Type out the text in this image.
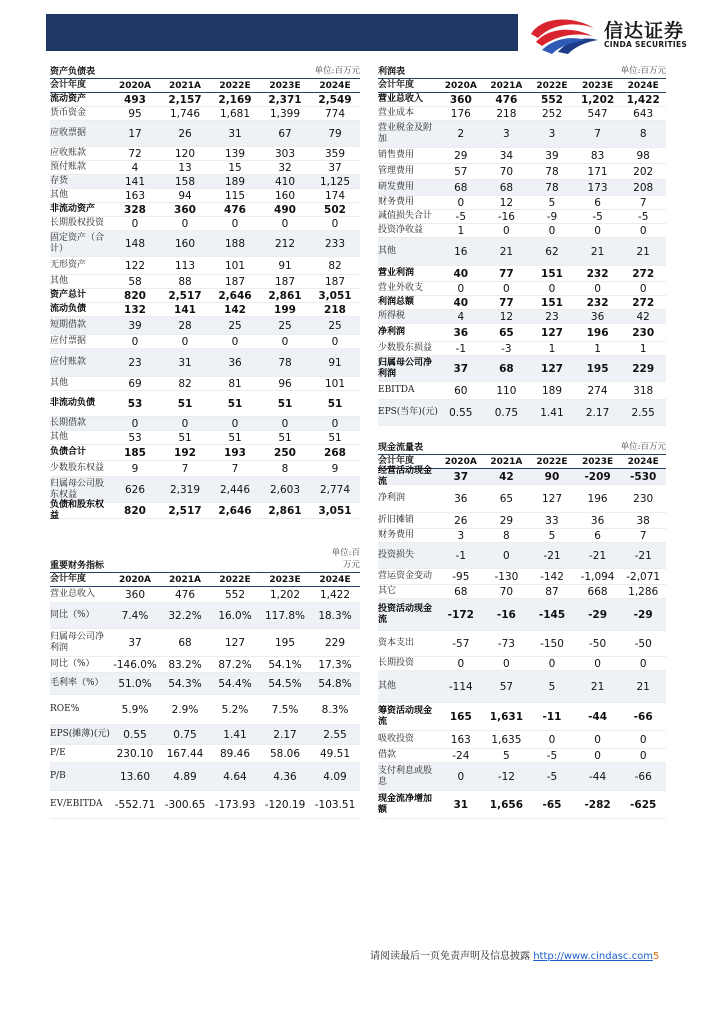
信达证券
CINDA SECURITIES
资产负债表	单位:百万元
会计年度	2020A	2021A	2022E	2023E	2024E
流动资产	493	2,157	2,169	2,371	2,549
货币资金	95	1,746	1,681	1,399	774
应收票据	17	26	31	67	79
应收账款	72	120	139	303	359
预付账款	4	13	15	32	37
存货	141	158	189	410	1,125
其他	163	94	115	160	174
非流动资产	328	360	476	490	502
长期股权投资	0	0	0	0	0
固定资产（合计）	148	160	188	212	233
无形资产	122	113	101	91	82
其他	58	88	187	187	187
资产总计	820	2,517	2,646	2,861	3,051
流动负债	132	141	142	199	218
短期借款	39	28	25	25	25
应付票据	0	0	0	0	0
应付账款	23	31	36	78	91
其他	69	82	81	96	101
非流动负债	53	51	51	51	51
长期借款	0	0	0	0	0
其他	53	51	51	51	51
负债合计	185	192	193	250	268
少数股东权益	9	7	7	8	9
归属母公司股东权益	626	2,319	2,446	2,603	2,774
负债和股东权益	820	2,517	2,646	2,861	3,051
重要财务指标
单位:百万元
会计年度	2020A	2021A	2022E	2023E	2024E
营业总收入	360	476	552	1,202	1,422
同比（%）	7.4%	32.2%	16.0%	117.8%	18.3%
归属母公司净利润	37	68	127	195	229
同比（%）	-146.0%	83.2%	87.2%	54.1%	17.3%
毛利率（%）	51.0%	54.3%	54.4%	54.5%	54.8%
ROE%	5.9%	2.9%	5.2%	7.5%	8.3%
EPS(摊薄)(元)	0.55	0.75	1.41	2.17	2.55
P/E	230.10	167.44	89.46	58.06	49.51
P/B	13.60	4.89	4.64	4.36	4.09
EV/EBITDA	-552.71 -300.65 -173.93 -120.19 -103.51
利润表	单位:百万元
会计年度	2020A	2021A	2022E	2023E	2024E
营业总收入	360	476	552	1,202	1,422
营业成本	176	218	252	547	643
营业税金及附加	2	3	3	7	8
销售费用	29	34	39	83	98
管理费用	57	70	78	171	202
研发费用	68	68	78	173	208
财务费用	0	12	5	6	7
减值损失合计	-5	-16	-9	-5	-5
投资净收益	1	0	0	0	0
其他	16	21	62	21	21
营业利润	40	77	151	232	272
营业外收支	0	0	0	0	0
利润总额	40	77	151	232	272
所得税	4	12	23	36	42
净利润	36	65	127	196	230
少数股东损益	-1	-3	1	1	1
归属母公司净利润	37	68	127	195	229
EBITDA	60	110	189	274	318
EPS(当年)(元)	0.55	0.75	1.41	2.17	2.55
现金流量表	单位:百万元
会计年度	2020A	2021A	2022E	2023E	2024E
经营活动现金流	37	42	90	-209	-530
净利润	36	65	127	196	230
折旧摊销	26	29	33	36	38
财务费用	3	8	5	6	7
投资损失	-1	0	-21	-21	-21
营运资金变动	-95	-130	-142	-1,094	-2,071
其它	68	70	87	668	1,286
投资活动现金流	-172	-16	-145	-29	-29
资本支出	-57	-73	-150	-50	-50
长期投资	0	0	0	0	0
其他	-114	57	5	21	21
筹资活动现金流	165	1,631	-11	-44	-66
吸收投资	163	1,635	0	0	0
借款	-24	5	-5	0	0
支付利息或股息	0	-12	-5	-44	-66
现金流净增加额	31	1,656	-65	-282	-625
请阅读最后一页免责声明及信息披露 http://www.cindasc.com5
